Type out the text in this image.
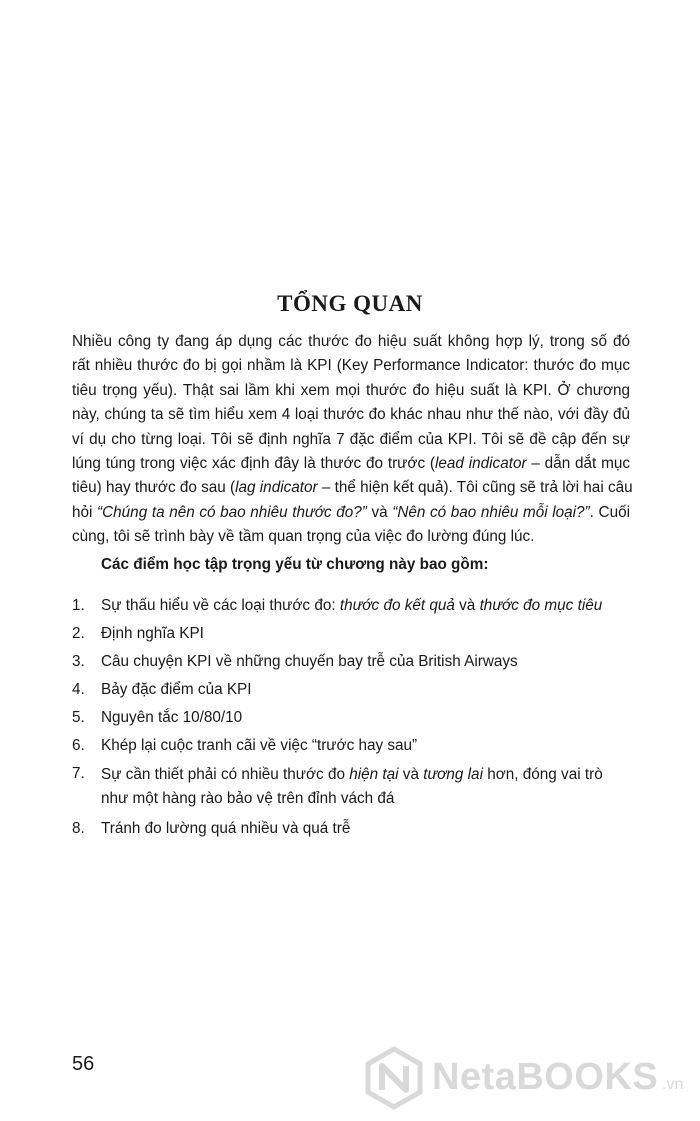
TỔNG QUAN

Nhiều công ty đang áp dụng các thước đo hiệu suất không hợp lý, trong số đó
rất nhiều thước đo bị gọi nhầm là KPI (Key Performance Indicator: thước đo mục
tiêu trọng yếu). Thật sai lầm khi xem mọi thước đo hiệu suất là KPI. Ở chương
này, chúng ta sẽ tìm hiểu xem 4 loại thước đo khác nhau như thế nào, với đầy đủ
ví dụ cho từng loại. Tôi sẽ định nghĩa 7 đặc điểm của KPI. Tôi sẽ đề cập đến sự
lúng túng trong việc xác định đây là thước đo trước (lead indicator – dẫn dắt mục
tiêu) hay thước đo sau (lag indicator – thể hiện kết quả). Tôi cũng sẽ trả lời hai câu
hỏi “Chúng ta nên có bao nhiêu thước đo?” và “Nên có bao nhiêu mỗi loại?”. Cuối
cùng, tôi sẽ trình bày về tầm quan trọng của việc đo lường đúng lúc.

Các điểm học tập trọng yếu từ chương này bao gồm:

1. Sự thấu hiểu về các loại thước đo: thước đo kết quả và thước đo mục tiêu
2. Định nghĩa KPI
3. Câu chuyện KPI về những chuyến bay trễ của British Airways
4. Bảy đặc điểm của KPI
5. Nguyên tắc 10/80/10
6. Khép lại cuộc tranh cãi về việc “trước hay sau”
7. Sự cần thiết phải có nhiều thước đo hiện tại và tương lai hơn, đóng vai trò
như một hàng rào bảo vệ trên đỉnh vách đá
8. Tránh đo lường quá nhiều và quá trễ

56	NetaBOOKS .vn
